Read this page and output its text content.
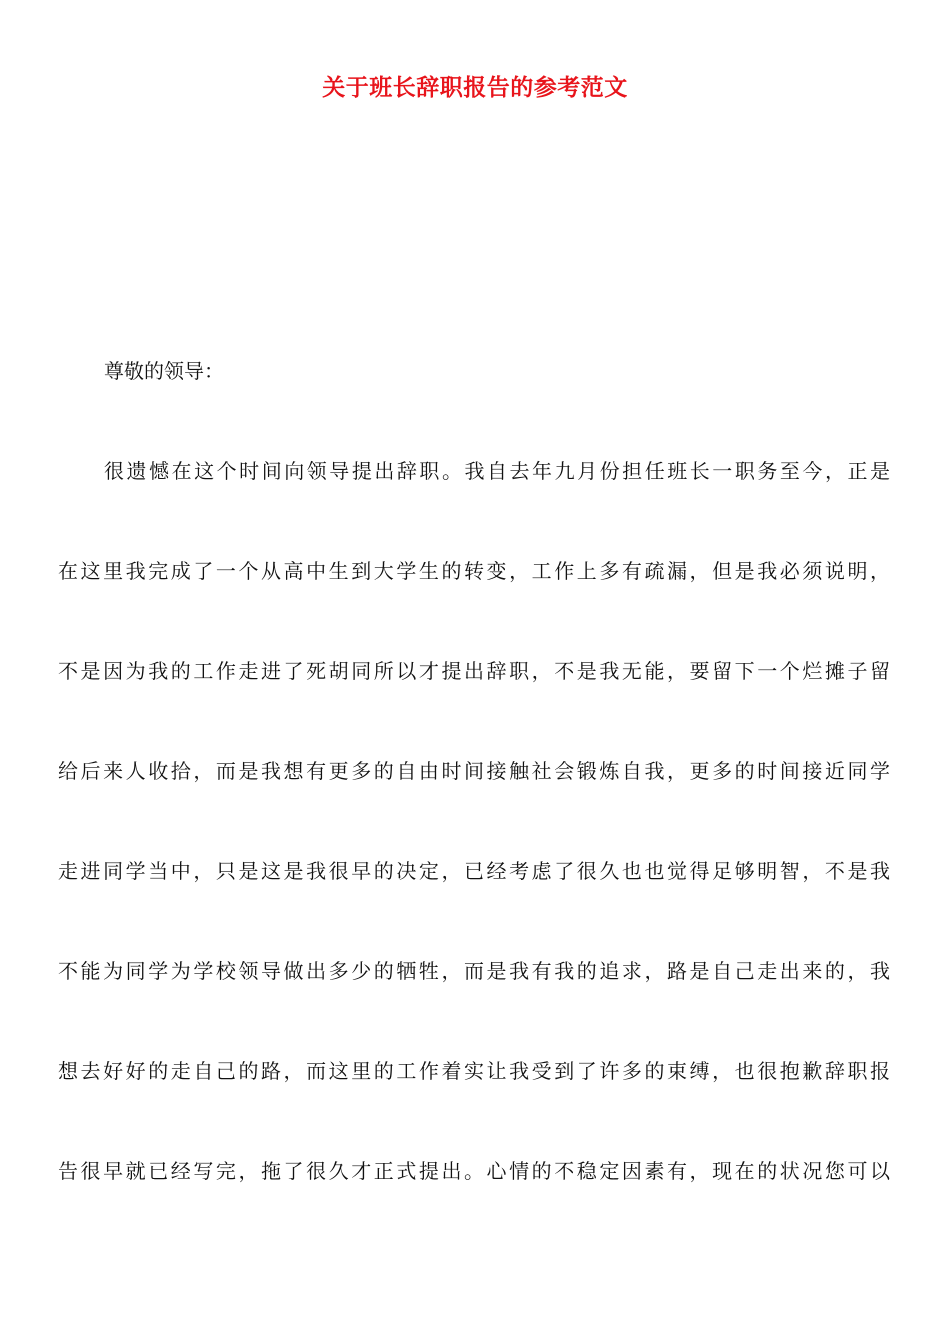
关于班长辞职报告的参考范文
尊敬的领导：
很遗憾在这个时间向领导提出辞职。我自去年九月份担任班长一职务至今，正是
在这里我完成了一个从高中生到大学生的转变，工作上多有疏漏，但是我必须说明，
不是因为我的工作走进了死胡同所以才提出辞职，不是我无能，要留下一个烂摊子留
给后来人收拾，而是我想有更多的自由时间接触社会锻炼自我，更多的时间接近同学
走进同学当中，只是这是我很早的决定，已经考虑了很久也也觉得足够明智，不是我
不能为同学为学校领导做出多少的牺牲，而是我有我的追求，路是自己走出来的，我
想去好好的走自己的路，而这里的工作着实让我受到了许多的束缚，也很抱歉辞职报
告很早就已经写完，拖了很久才正式提出。心情的不稳定因素有，现在的状况您可以
